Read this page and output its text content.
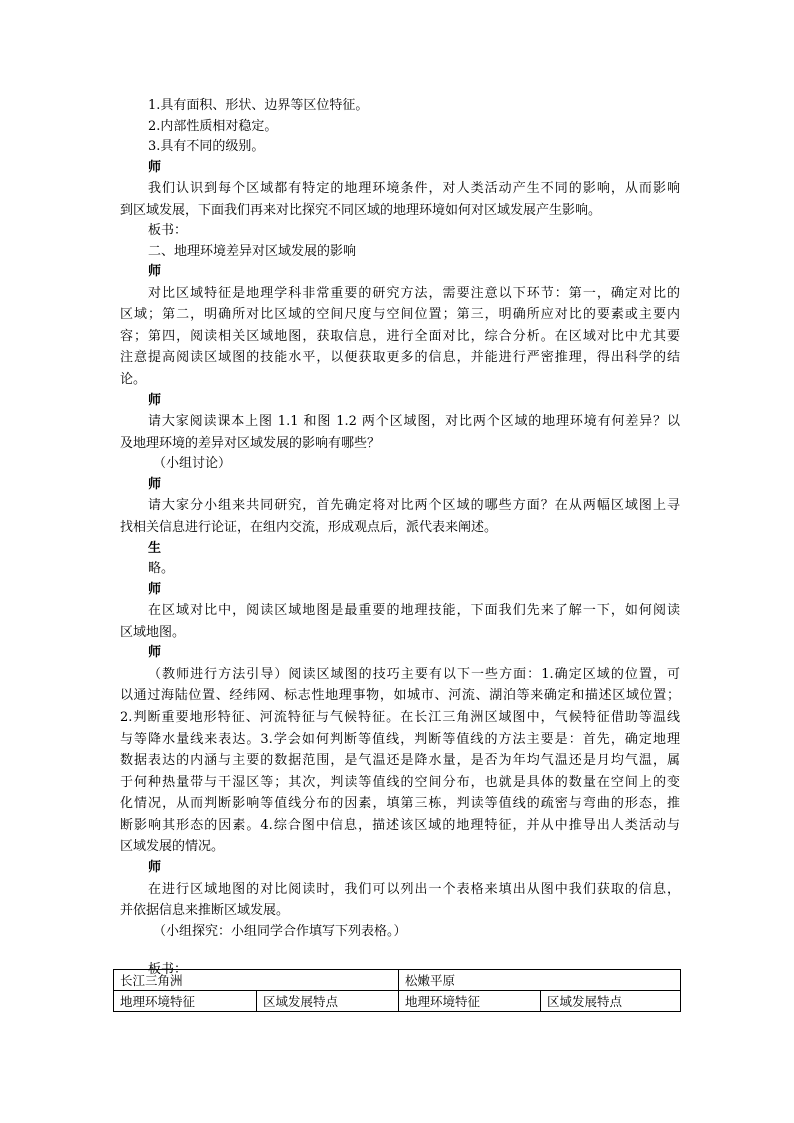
1.具有面积、形状、边界等区位特征。
2.内部性质相对稳定。
3.具有不同的级别。
师
我们认识到每个区域都有特定的地理环境条件，对人类活动产生不同的影响，从而影响
到区域发展，下面我们再来对比探究不同区域的地理环境如何对区域发展产生影响。
板书：
二、地理环境差异对区域发展的影响
师
对比区域特征是地理学科非常重要的研究方法，需要注意以下环节：第一，确定对比的
区域；第二，明确所对比区域的空间尺度与空间位置；第三，明确所应对比的要素或主要内
容；第四，阅读相关区域地图，获取信息，进行全面对比，综合分析。在区域对比中尤其要
注意提高阅读区域图的技能水平，以便获取更多的信息，并能进行严密推理，得出科学的结
论。
师
请大家阅读课本上图 1.1 和图 1.2 两个区域图，对比两个区域的地理环境有何差异？以
及地理环境的差异对区域发展的影响有哪些？
（小组讨论）
师
请大家分小组来共同研究，首先确定将对比两个区域的哪些方面？在从两幅区域图上寻
找相关信息进行论证，在组内交流，形成观点后，派代表来阐述。
生
略。
师
在区域对比中，阅读区域地图是最重要的地理技能，下面我们先来了解一下，如何阅读
区域地图。
师
（教师进行方法引导）阅读区域图的技巧主要有以下一些方面：1.确定区域的位置，可
以通过海陆位置、经纬网、标志性地理事物，如城市、河流、湖泊等来确定和描述区域位置；
2.判断重要地形特征、河流特征与气候特征。在长江三角洲区域图中，气候特征借助等温线
与等降水量线来表达。3.学会如何判断等值线，判断等值线的方法主要是：首先，确定地理
数据表达的内涵与主要的数据范围，是气温还是降水量，是否为年均气温还是月均气温，属
于何种热量带与干湿区等；其次，判读等值线的空间分布，也就是具体的数量在空间上的变
化情况，从而判断影响等值线分布的因素，填第三栋，判读等值线的疏密与弯曲的形态，推
断影响其形态的因素。4.综合图中信息，描述该区域的地理特征，并从中推导出人类活动与
区域发展的情况。
师
在进行区域地图的对比阅读时，我们可以列出一个表格来填出从图中我们获取的信息，
并依据信息来推断区域发展。
（小组探究：小组同学合作填写下列表格。）
板书：
长江三角洲		松嫩平原	
地理环境特征	区域发展特点	地理环境特征	区域发展特点
